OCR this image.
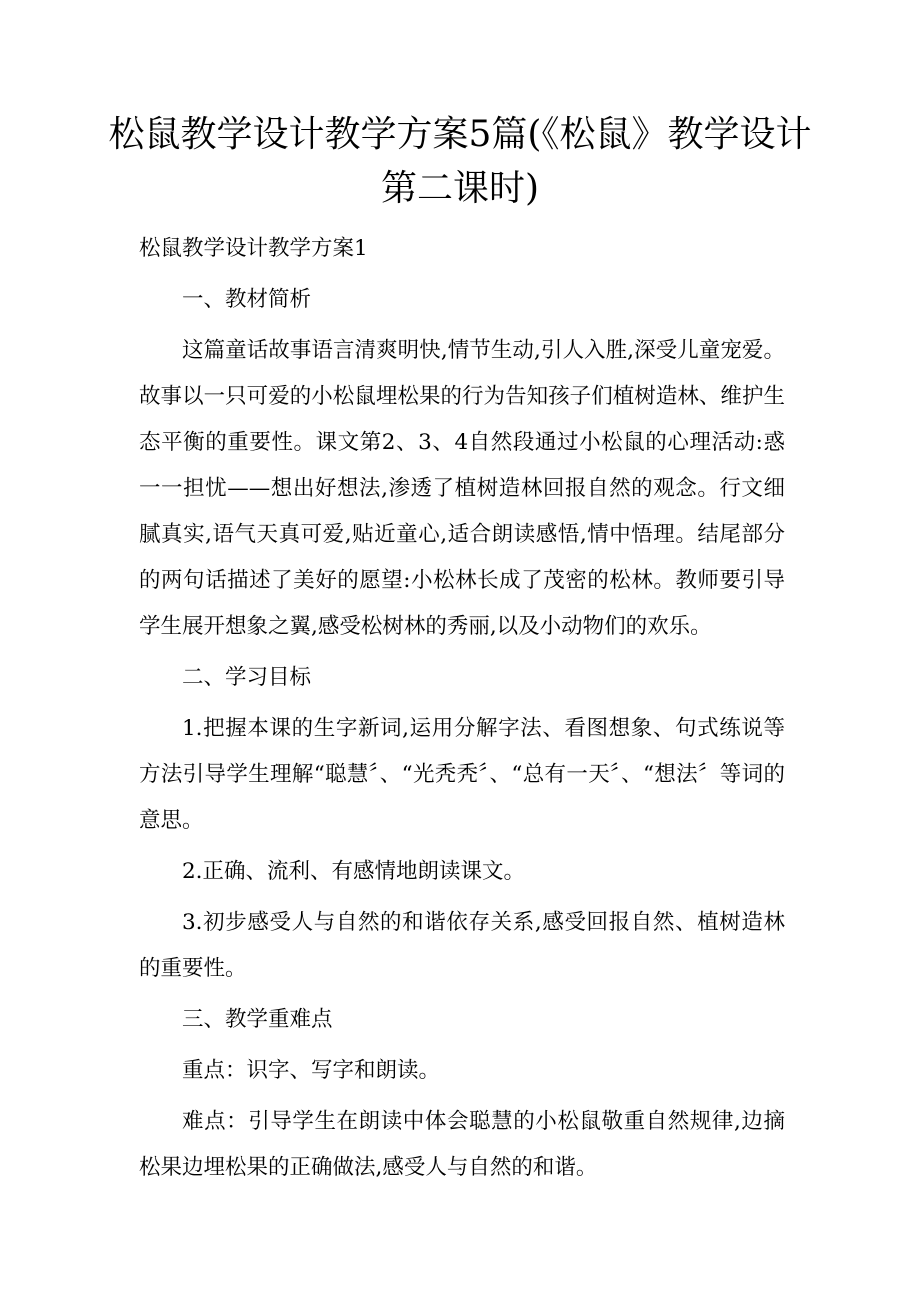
松鼠教学设计教学方案5篇(《松鼠》教学设计第二课时)

松鼠教学设计教学方案1

一、教材简析

这篇童话故事语言清爽明快,情节生动,引人入胜,深受儿童宠爱。故事以一只可爱的小松鼠埋松果的行为告知孩子们植树造林、维护生态平衡的重要性。课文第2、3、4自然段通过小松鼠的心理活动:惑一一担忧——想出好想法,渗透了植树造林回报自然的观念。行文细腻真实,语气天真可爱,贴近童心,适合朗读感悟,情中悟理。结尾部分的两句话描述了美好的愿望:小松林长成了茂密的松林。教师要引导学生展开想象之翼,感受松树林的秀丽,以及小动物们的欢乐。

二、学习目标

1.把握本课的生字新词,运用分解字法、看图想象、句式练说等方法引导学生理解“聪慧〞、“光秃秃〞、“总有一天〞、“想法〞等词的意思。

2.正确、流利、有感情地朗读课文。

3.初步感受人与自然的和谐依存关系,感受回报自然、植树造林的重要性。

三、教学重难点

重点：识字、写字和朗读。

难点：引导学生在朗读中体会聪慧的小松鼠敬重自然规律,边摘松果边埋松果的正确做法,感受人与自然的和谐。
